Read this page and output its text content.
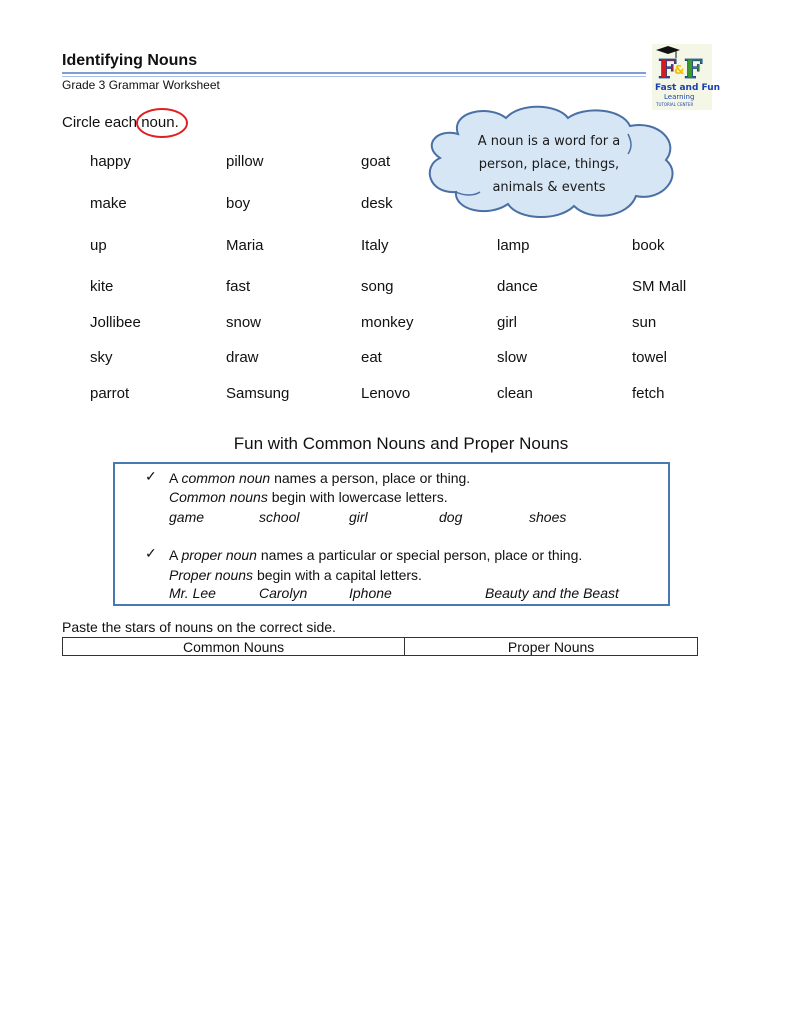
Identifying Nouns
Grade 3 Grammar Worksheet	F
& F
Fast and Fun
Learning
TUTORIAL CENTER
Circle each noun.
happy	pillow	goat
make	boy	desk
up	Maria	Italy	lamp	book
kite	fast	song	dance	SM Mall
Jollibee	snow	monkey	girl	sun
sky	draw	eat	slow	towel
parrot	Samsung	Lenovo	clean	fetch
A noun is a word for a
person, place, things,
animals & events
Fun with Common Nouns and Proper Nouns
✓ A common noun names a person, place or thing.
Common nouns begin with lowercase letters.
game	school	girl	dog	shoes
✓ A proper noun names a particular or special person, place or thing.
Proper nouns begin with a capital letters.
Mr. Lee	Carolyn	Iphone	Beauty and the Beast
Paste the stars of nouns on the correct side.
Common Nouns	Proper Nouns
